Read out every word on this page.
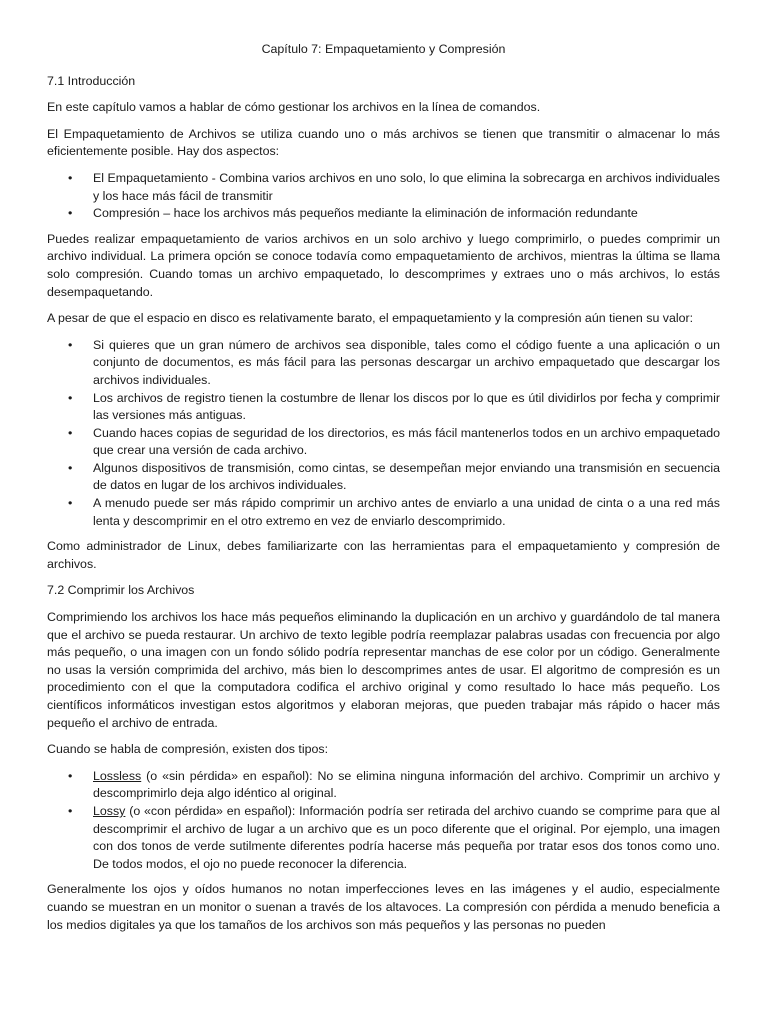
Capítulo 7: Empaquetamiento y Compresión
7.1 Introducción

En este capítulo vamos a hablar de cómo gestionar los archivos en la línea de comandos.

El Empaquetamiento de Archivos se utiliza cuando uno o más archivos se tienen que transmitir o almacenar lo más eficientemente posible. Hay dos aspectos:

• El Empaquetamiento - Combina varios archivos en uno solo, lo que elimina la sobrecarga en archivos individuales y los hace más fácil de transmitir
• Compresión – hace los archivos más pequeños mediante la eliminación de información redundante

Puedes realizar empaquetamiento de varios archivos en un solo archivo y luego comprimirlo, o puedes comprimir un archivo individual. La primera opción se conoce todavía como empaquetamiento de archivos, mientras la última se llama solo compresión. Cuando tomas un archivo empaquetado, lo descomprimes y extraes uno o más archivos, lo estás desempaquetando.

A pesar de que el espacio en disco es relativamente barato, el empaquetamiento y la compresión aún tienen su valor:

• Si quieres que un gran número de archivos sea disponible, tales como el código fuente a una aplicación o un conjunto de documentos, es más fácil para las personas descargar un archivo empaquetado que descargar los archivos individuales.
• Los archivos de registro tienen la costumbre de llenar los discos por lo que es útil dividirlos por fecha y comprimir las versiones más antiguas.
• Cuando haces copias de seguridad de los directorios, es más fácil mantenerlos todos en un archivo empaquetado que crear una versión de cada archivo.
• Algunos dispositivos de transmisión, como cintas, se desempeñan mejor enviando una transmisión en secuencia de datos en lugar de los archivos individuales.
• A menudo puede ser más rápido comprimir un archivo antes de enviarlo a una unidad de cinta o a una red más lenta y descomprimir en el otro extremo en vez de enviarlo descomprimido.

Como administrador de Linux, debes familiarizarte con las herramientas para el empaquetamiento y compresión de archivos.

7.2 Comprimir los Archivos

Comprimiendo los archivos los hace más pequeños eliminando la duplicación en un archivo y guardándolo de tal manera que el archivo se pueda restaurar. Un archivo de texto legible podría reemplazar palabras usadas con frecuencia por algo más pequeño, o una imagen con un fondo sólido podría representar manchas de ese color por un código. Generalmente no usas la versión comprimida del archivo, más bien lo descomprimes antes de usar. El algoritmo de compresión es un procedimiento con el que la computadora codifica el archivo original y como resultado lo hace más pequeño. Los científicos informáticos investigan estos algoritmos y elaboran mejoras, que pueden trabajar más rápido o hacer más pequeño el archivo de entrada.

Cuando se habla de compresión, existen dos tipos:

• Lossless (o «sin pérdida» en español): No se elimina ninguna información del archivo. Comprimir un archivo y descomprimirlo deja algo idéntico al original.
• Lossy (o «con pérdida» en español): Información podría ser retirada del archivo cuando se comprime para que al descomprimir el archivo de lugar a un archivo que es un poco diferente que el original. Por ejemplo, una imagen con dos tonos de verde sutilmente diferentes podría hacerse más pequeña por tratar esos dos tonos como uno. De todos modos, el ojo no puede reconocer la diferencia.

Generalmente los ojos y oídos humanos no notan imperfecciones leves en las imágenes y el audio, especialmente cuando se muestran en un monitor o suenan a través de los altavoces. La compresión con pérdida a menudo beneficia a los medios digitales ya que los tamaños de los archivos son más pequeños y las personas no pueden
